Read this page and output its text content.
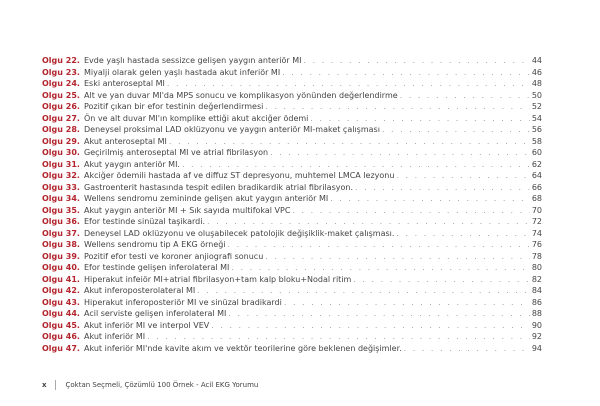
Olgu 22. Evde yaşlı hastada sessizce gelişen yaygın anteriör MI . . .	44
Olgu 23. Miyalji olarak gelen yaşlı hastada akut inferiör MI . . .	46
Olgu 24. Eski anteroseptal MI . . .	48
Olgu 25. Alt ve yan duvar MI'da MPS sonucu ve komplikasyon yönünden değerlendirme . . .	50
Olgu 26. Pozitif çıkan bir efor testinin değerlendirmesi . . .	52
Olgu 27. Ön ve alt duvar MI'ın komplike ettiği akut akciğer ödemi . . .	54
Olgu 28. Deneysel proksimal LAD oklüzyonu ve yaygın anteriör MI-maket çalışması . . .	56
Olgu 29. Akut anteroseptal MI . . .	58
Olgu 30. Geçirilmiş anteroseptal MI ve atrial fibrilasyon . . .	60
Olgu 31. Akut yaygın anteriör MI. . . .	62
Olgu 32. Akciğer ödemili hastada af ve diffuz ST depresyonu, muhtemel LMCA lezyonu . . .	64
Olgu 33. Gastroenterit hastasında tespit edilen bradikardik atrial fibrilasyon. . . .	66
Olgu 34. Wellens sendromu zemininde gelişen akut yaygın anteriör MI . . .	68
Olgu 35. Akut yaygın anteriör MI + Sık sayıda multifokal VPC . . .	70
Olgu 36. Efor testinde sinüzal taşikardi. . . .	72
Olgu 37. Deneysel LAD oklüzyonu ve oluşabilecek patolojik değişiklik-maket çalışması. . . .	74
Olgu 38. Wellens sendromu tip A EKG örneği . . .	76
Olgu 39. Pozitif efor testi ve koroner anjiografi sonucu . . .	78
Olgu 40. Efor testinde gelişen inferolateral MI . . .	80
Olgu 41. Hiperakut infeiör MI+atrial fibrilasyon+tam kalp bloku+Nodal ritim . . .	82
Olgu 42. Akut inferoposterolateral MI . . .	84
Olgu 43. Hiperakut inferoposteriör MI ve sinüzal bradikardi . . .	86
Olgu 44. Acil serviste gelişen inferolateral MI . . .	88
Olgu 45. Akut inferiör MI ve interpol VEV . . .	90
Olgu 46. Akut inferiör MI . . .	92
Olgu 47. Akut inferiör MI'nde kavite akım ve vektör teorilerine göre beklenen değişimler. . . .	94
x	Çoktan Seçmeli, Çözümlü 100 Örnek - Acil EKG Yorumu
